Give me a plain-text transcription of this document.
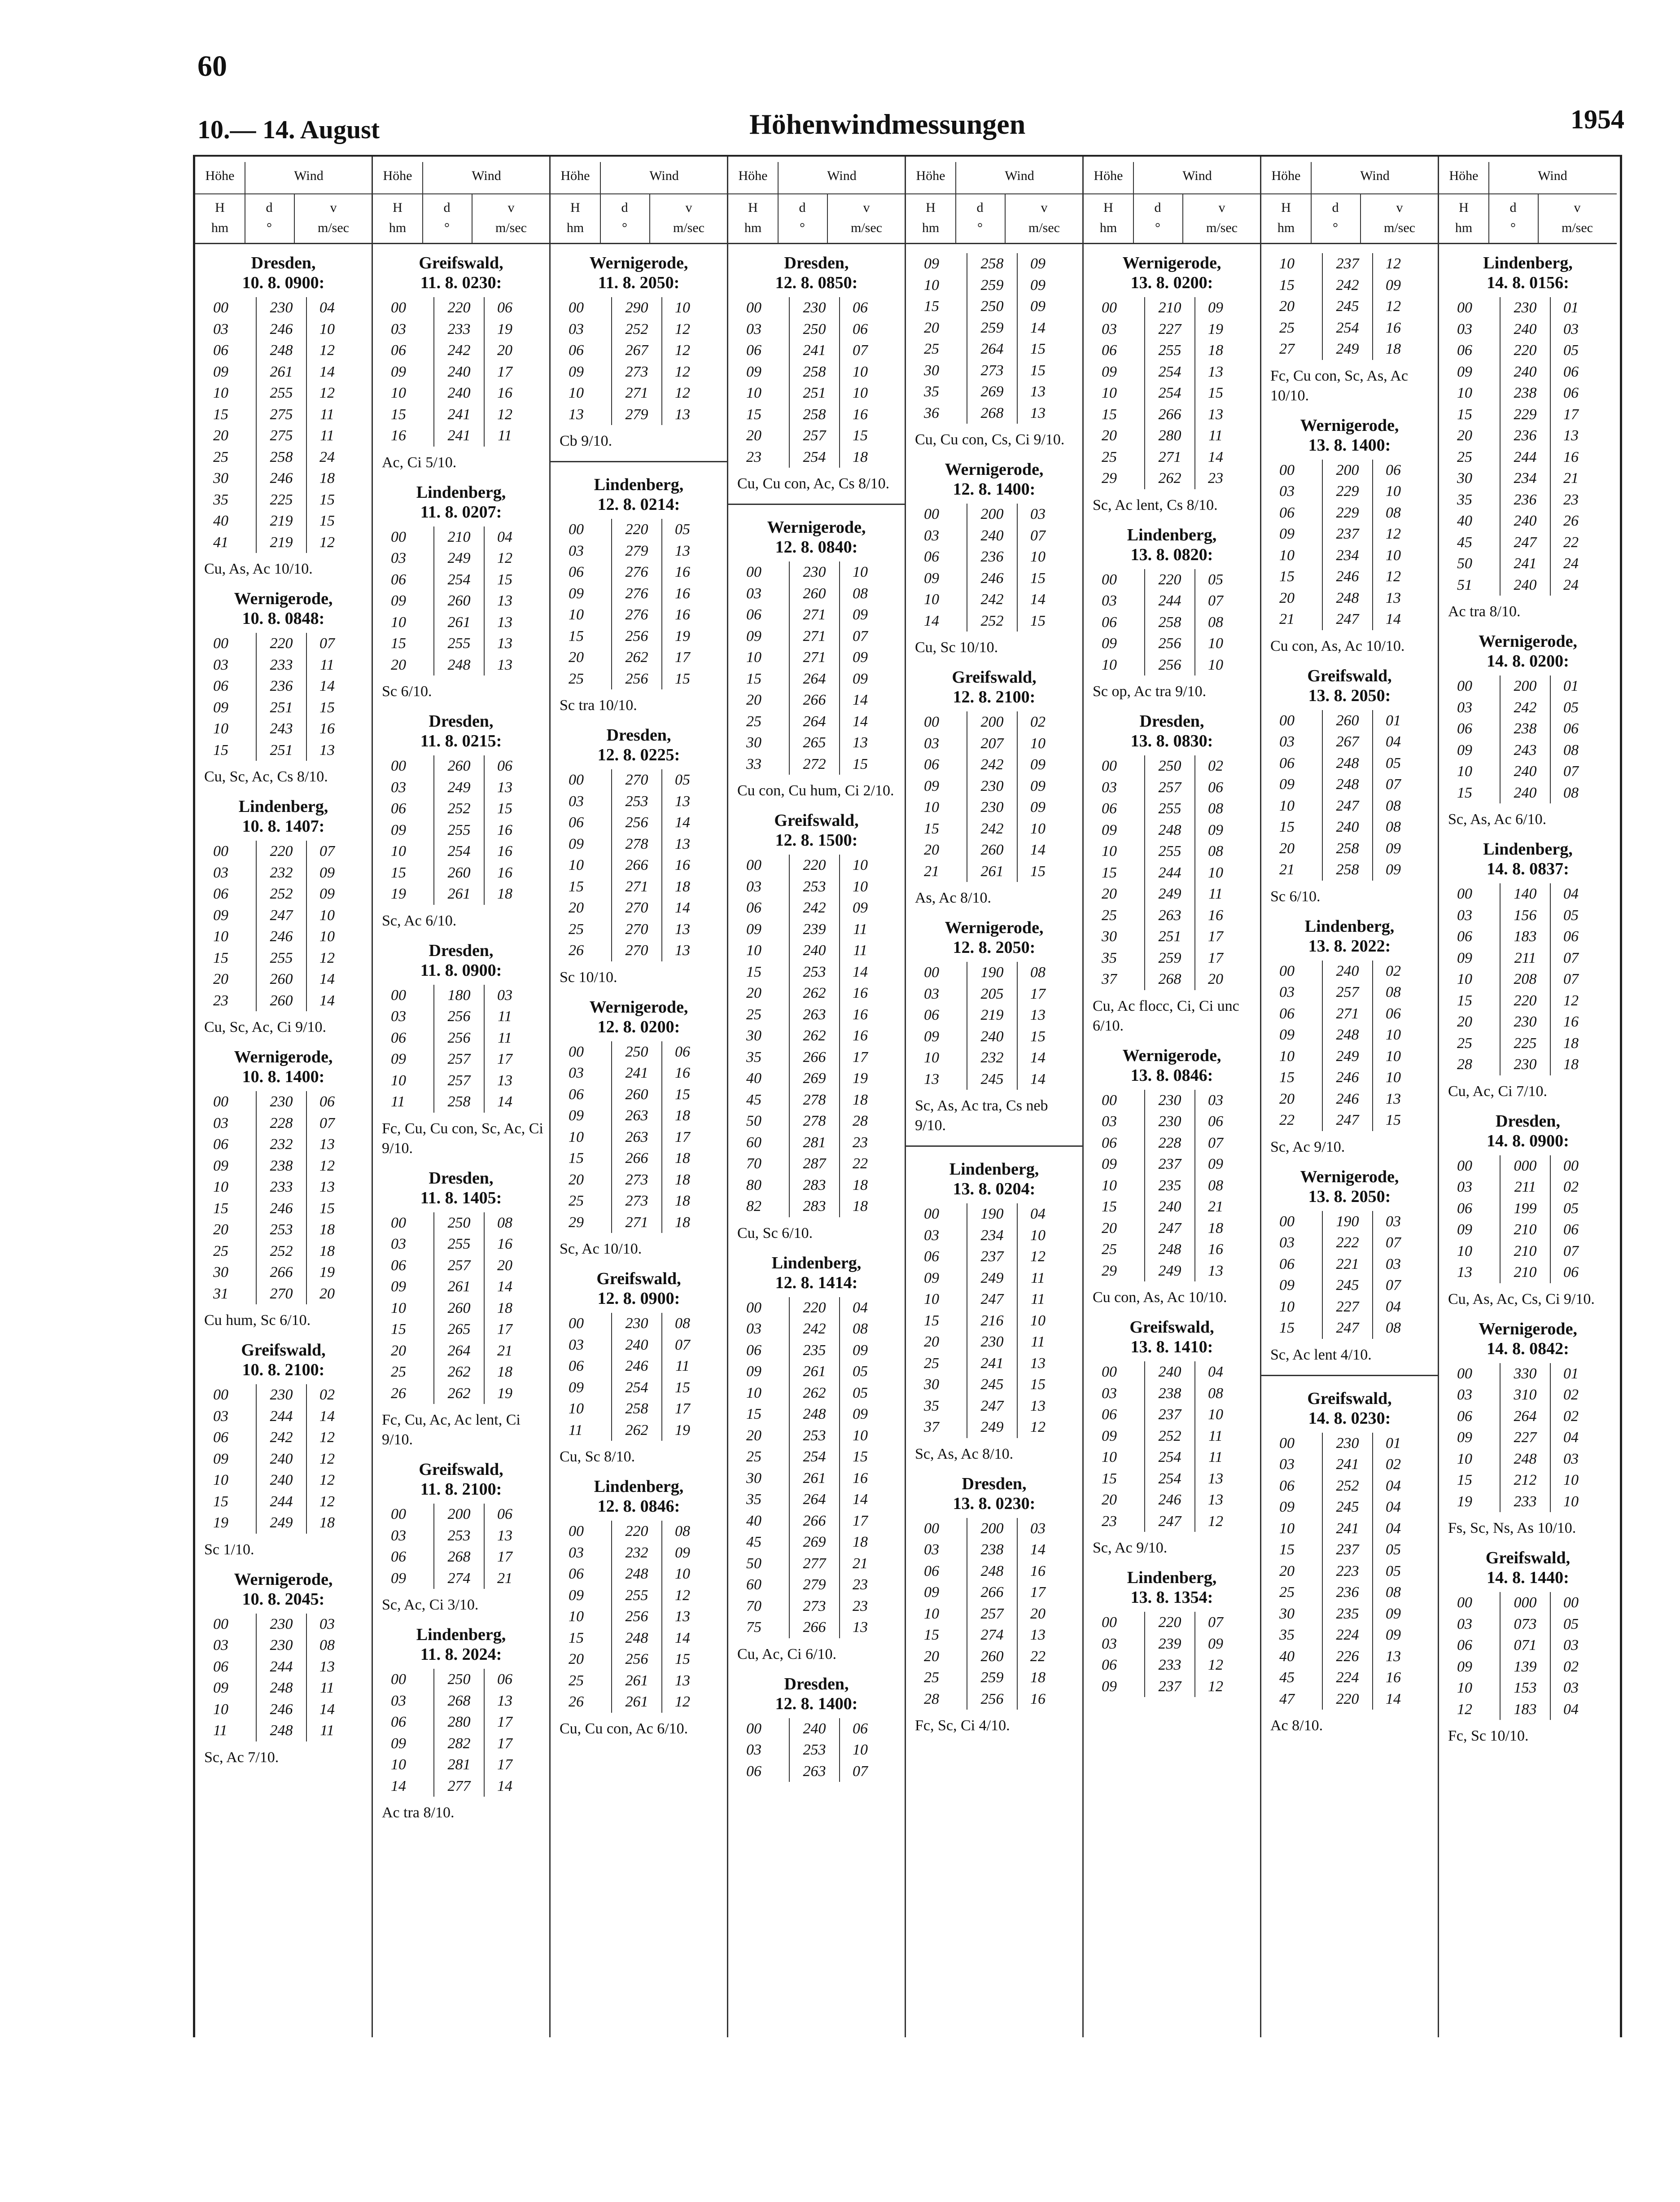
60
10.— 14. August	Höhenwindmessungen	1954
Höhe	Wind
H
hm
d
°
v
m/sec
Dresden,
10. 8. 0900:
00	230	04
03	246	10
06	248	12
09	261	14
10	255	12
15	275	11
20	275	11
25	258	24
30	246	18
35	225	15
40	219	15
41	219	12
Cu, As, Ac 10/10.
Wernigerode,
10. 8. 0848:
00	220	07
03	233	11
06	236	14
09	251	15
10	243	16
15	251	13
Cu, Sc, Ac, Cs 8/10.
Lindenberg,
10. 8. 1407:
00	220	07
03	232	09
06	252	09
09	247	10
10	246	10
15	255	12
20	260	14
23	260	14
Cu, Sc, Ac, Ci 9/10.
Wernigerode,
10. 8. 1400:
00	230	06
03	228	07
06	232	13
09	238	12
10	233	13
15	246	15
20	253	18
25	252	18
30	266	19
31	270	20
Cu hum, Sc 6/10.
Greifswald,
10. 8. 2100:
00	230	02
03	244	14
06	242	12
09	240	12
10	240	12
15	244	12
19	249	18
Sc 1/10.
Wernigerode,
10. 8. 2045:
00	230	03
03	230	08
06	244	13
09	248	11
10	246	14
11	248	11
Sc, Ac 7/10.
Höhe	Wind
H
hm
d
°
v
m/sec
Greifswald,
11. 8. 0230:
00	220	06
03	233	19
06	242	20
09	240	17
10	240	16
15	241	12
16	241	11
Ac, Ci 5/10.
Lindenberg,
11. 8. 0207:
00	210	04
03	249	12
06	254	15
09	260	13
10	261	13
15	255	13
20	248	13
Sc 6/10.
Dresden,
11. 8. 0215:
00	260	06
03	249	13
06	252	15
09	255	16
10	254	16
15	260	16
19	261	18
Sc, Ac 6/10.
Dresden,
11. 8. 0900:
00	180	03
03	256	11
06	256	11
09	257	17
10	257	13
11	258	14
Fc, Cu, Cu con, Sc, Ac, Ci 9/10.
Dresden,
11. 8. 1405:
00	250	08
03	255	16
06	257	20
09	261	14
10	260	18
15	265	17
20	264	21
25	262	18
26	262	19
Fc, Cu, Ac, Ac lent, Ci 9/10.
Greifswald,
11. 8. 2100:
00	200	06
03	253	13
06	268	17
09	274	21
Sc, Ac, Ci 3/10.
Lindenberg,
11. 8. 2024:
00	250	06
03	268	13
06	280	17
09	282	17
10	281	17
14	277	14
Ac tra 8/10.
Höhe	Wind
H
hm
d
°
v
m/sec
Wernigerode,
11. 8. 2050:
00	290	10
03	252	12
06	267	12
09	273	12
10	271	12
13	279	13
Cb 9/10.
Lindenberg,
12. 8. 0214:
00	220	05
03	279	13
06	276	16
09	276	16
10	276	16
15	256	19
20	262	17
25	256	15
Sc tra 10/10.
Dresden,
12. 8. 0225:
00	270	05
03	253	13
06	256	14
09	278	13
10	266	16
15	271	18
20	270	14
25	270	13
26	270	13
Sc 10/10.
Wernigerode,
12. 8. 0200:
00	250	06
03	241	16
06	260	15
09	263	18
10	263	17
15	266	18
20	273	18
25	273	18
29	271	18
Sc, Ac 10/10.
Greifswald,
12. 8. 0900:
00	230	08
03	240	07
06	246	11
09	254	15
10	258	17
11	262	19
Cu, Sc 8/10.
Lindenberg,
12. 8. 0846:
00	220	08
03	232	09
06	248	10
09	255	12
10	256	13
15	248	14
20	256	15
25	261	13
26	261	12
Cu, Cu con, Ac 6/10.
Höhe	Wind
H
hm
d
°
v
m/sec
Dresden,
12. 8. 0850:
00	230	06
03	250	06
06	241	07
09	258	10
10	251	10
15	258	16
20	257	15
23	254	18
Cu, Cu con, Ac, Cs 8/10.
Wernigerode,
12. 8. 0840:
00	230	10
03	260	08
06	271	09
09	271	07
10	271	09
15	264	09
20	266	14
25	264	14
30	265	13
33	272	15
Cu con, Cu hum, Ci 2/10.
Greifswald,
12. 8. 1500:
00	220	10
03	253	10
06	242	09
09	239	11
10	240	11
15	253	14
20	262	16
25	263	16
30	262	16
35	266	17
40	269	19
45	278	18
50	278	28
60	281	23
70	287	22
80	283	18
82	283	18
Cu, Sc 6/10.
Lindenberg,
12. 8. 1414:
00	220	04
03	242	08
06	235	09
09	261	05
10	262	05
15	248	09
20	253	10
25	254	15
30	261	16
35	264	14
40	266	17
45	269	18
50	277	21
60	279	23
70	273	23
75	266	13
Cu, Ac, Ci 6/10.
Dresden,
12. 8. 1400:
00	240	06
03	253	10
06	263	07
Höhe	Wind
H
hm
d
°
v
m/sec
09	258	09
10	259	09
15	250	09
20	259	14
25	264	15
30	273	15
35	269	13
36	268	13
Cu, Cu con, Cs, Ci 9/10.
Wernigerode,
12. 8. 1400:
00	200	03
03	240	07
06	236	10
09	246	15
10	242	14
14	252	15
Cu, Sc 10/10.
Greifswald,
12. 8. 2100:
00	200	02
03	207	10
06	242	09
09	230	09
10	230	09
15	242	10
20	260	14
21	261	15
As, Ac 8/10.
Wernigerode,
12. 8. 2050:
00	190	08
03	205	17
06	219	13
09	240	15
10	232	14
13	245	14
Sc, As, Ac tra, Cs neb 9/10.
Lindenberg,
13. 8. 0204:
00	190	04
03	234	10
06	237	12
09	249	11
10	247	11
15	216	10
20	230	11
25	241	13
30	245	15
35	247	13
37	249	12
Sc, As, Ac 8/10.
Dresden,
13. 8. 0230:
00	200	03
03	238	14
06	248	16
09	266	17
10	257	20
15	274	13
20	260	22
25	259	18
28	256	16
Fc, Sc, Ci 4/10.
Höhe	Wind
H
hm
d
°
v
m/sec
Wernigerode,
13. 8. 0200:
00	210	09
03	227	19
06	255	18
09	254	13
10	254	15
15	266	13
20	280	11
25	271	14
29	262	23
Sc, Ac lent, Cs 8/10.
Lindenberg,
13. 8. 0820:
00	220	05
03	244	07
06	258	08
09	256	10
10	256	10
Sc op, Ac tra 9/10.
Dresden,
13. 8. 0830:
00	250	02
03	257	06
06	255	08
09	248	09
10	255	08
15	244	10
20	249	11
25	263	16
30	251	17
35	259	17
37	268	20
Cu, Ac flocc, Ci, Ci unc 6/10.
Wernigerode,
13. 8. 0846:
00	230	03
03	230	06
06	228	07
09	237	09
10	235	08
15	240	21
20	247	18
25	248	16
29	249	13
Cu con, As, Ac 10/10.
Greifswald,
13. 8. 1410:
00	240	04
03	238	08
06	237	10
09	252	11
10	254	11
15	254	13
20	246	13
23	247	12
Sc, Ac 9/10.
Lindenberg,
13. 8. 1354:
00	220	07
03	239	09
06	233	12
09	237	12
Höhe	Wind
H
hm
d
°
v
m/sec
10	237	12
15	242	09
20	245	12
25	254	16
27	249	18
Fc, Cu con, Sc, As, Ac 10/10.
Wernigerode,
13. 8. 1400:
00	200	06
03	229	10
06	229	08
09	237	12
10	234	10
15	246	12
20	248	13
21	247	14
Cu con, As, Ac 10/10.
Greifswald,
13. 8. 2050:
00	260	01
03	267	04
06	248	05
09	248	07
10	247	08
15	240	08
20	258	09
21	258	09
Sc 6/10.
Lindenberg,
13. 8. 2022:
00	240	02
03	257	08
06	271	06
09	248	10
10	249	10
15	246	10
20	246	13
22	247	15
Sc, Ac 9/10.
Wernigerode,
13. 8. 2050:
00	190	03
03	222	07
06	221	03
09	245	07
10	227	04
15	247	08
Sc, Ac lent 4/10.
Greifswald,
14. 8. 0230:
00	230	01
03	241	02
06	252	04
09	245	04
10	241	04
15	237	05
20	223	05
25	236	08
30	235	09
35	224	09
40	226	13
45	224	16
47	220	14
Ac 8/10.
Höhe	Wind
H
hm
d
°
v
m/sec
Lindenberg,
14. 8. 0156:
00	230	01
03	240	03
06	220	05
09	240	06
10	238	06
15	229	17
20	236	13
25	244	16
30	234	21
35	236	23
40	240	26
45	247	22
50	241	24
51	240	24
Ac tra 8/10.
Wernigerode,
14. 8. 0200:
00	200	01
03	242	05
06	238	06
09	243	08
10	240	07
15	240	08
Sc, As, Ac 6/10.
Lindenberg,
14. 8. 0837:
00	140	04
03	156	05
06	183	06
09	211	07
10	208	07
15	220	12
20	230	16
25	225	18
28	230	18
Cu, Ac, Ci 7/10.
Dresden,
14. 8. 0900:
00	000	00
03	211	02
06	199	05
09	210	06
10	210	07
13	210	06
Cu, As, Ac, Cs, Ci 9/10.
Wernigerode,
14. 8. 0842:
00	330	01
03	310	02
06	264	02
09	227	04
10	248	03
15	212	10
19	233	10
Fs, Sc, Ns, As 10/10.
Greifswald,
14. 8. 1440:
00	000	00
03	073	05
06	071	03
09	139	02
10	153	03
12	183	04
Fc, Sc 10/10.
